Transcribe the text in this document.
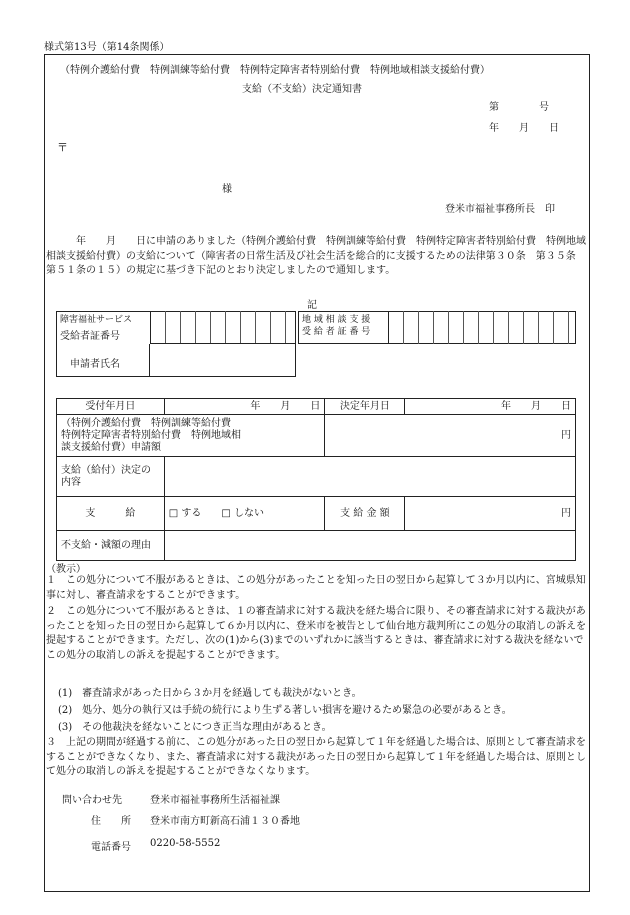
様式第13号（第14条関係）
（特例介護給付費　特例訓練等給付費　特例特定障害者特別給付費　特例地域相談支援給付費）
支給（不支給）決定通知書
第　　　　号
年　　月　　日
〒
様
登米市福祉事務所長　印
　　　年　　月　　日に申請のありました（特例介護給付費　特例訓練等給付費　特例特定障害者特別給付費　特例地域相談支援給付費）の支給について（障害者の日常生活及び社会生活を総合的に支援するための法律第３０条　第３５条　第５１条の１５）の規定に基づき下記のとおり決定しましたので通知します。
記
障害福祉サービス
受給者証番号
申請者氏名
地 域 相 談 支 援
受 給 者 証 番 号
受付年月日	年　　月　　日	決定年月日	年　　月　　日
（特例介護給付費　特例訓練等給付費　特例特定障害者特別給付費　特例地域相談支援給付費）申請額		円	
支給（給付）決定の内容			
支　　　給	□ する　　 □ しない	支 給 金 額	円
不支給・減額の理由			
（教示）
１　この処分について不服があるときは、この処分があったことを知った日の翌日から起算して３か月以内に、宮城県知事に対し、審査請求をすることができます。
２　この処分について不服があるときは、１の審査請求に対する裁決を経た場合に限り、その審査請求に対する裁決があったことを知った日の翌日から起算して６か月以内に、登米市を被告として仙台地方裁判所にこの処分の取消しの訴えを提起することができます。ただし、次の(1)から(3)までのいずれかに該当するときは、審査請求に対する裁決を経ないでこの処分の取消しの訴えを提起することができます。
(1)　審査請求があった日から３か月を経過しても裁決がないとき。
(2)　処分、処分の執行又は手続の続行により生ずる著しい損害を避けるため緊急の必要があるとき。
(3)　その他裁決を経ないことにつき正当な理由があるとき。
３　上記の期間が経過する前に、この処分があった日の翌日から起算して１年を経過した場合は、原則として審査請求をすることができなくなり、また、審査請求に対する裁決があった日の翌日から起算して１年を経過した場合は、原則として処分の取消しの訴えを提起することができなくなります。
問い合わせ先	登米市福祉事務所生活福祉課
住　　所 登米市南方町新高石浦１３０番地
電話番号 0220-58-5552
